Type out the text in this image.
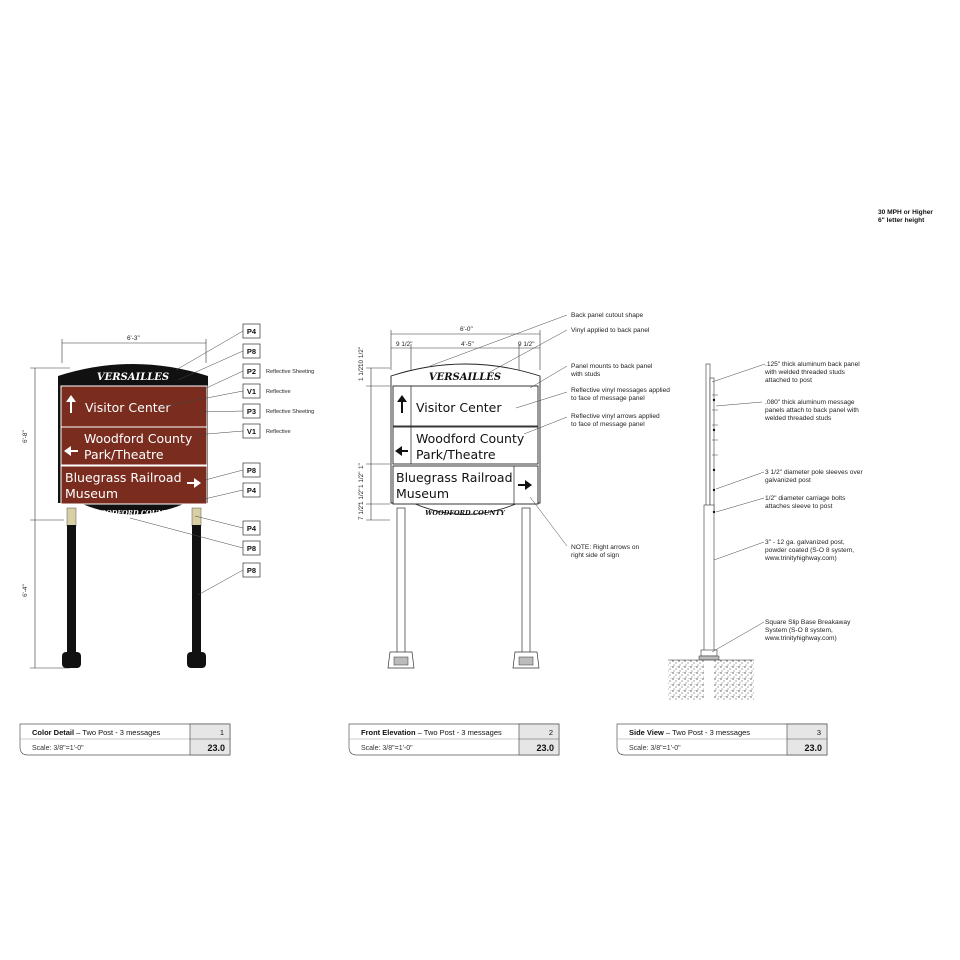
30 MPH or Higher
6" letter height
6'-3"
6'-8"
6'-4"
VERSAILLES
WOODFORD COUNTY
Visitor Center
Woodford County
Park/Theatre
Bluegrass Railroad
Museum
P4
P8
P2 Reflective Sheeting
V1 Reflective
P3 Reflective Sheeting
V1 Reflective
P8
P4
P4
P8
P8
6'-0"
9 1/2"	4'-5"	9 1/2"
1 1/2"
10 1/2"
1"
1 1/2"
1 1/2"
7 1/2"
VERSAILLES
WOODFORD COUNTY
Visitor Center
Woodford County
Park/Theatre
Bluegrass Railroad
Museum
Back panel cutout shape
Vinyl applied to back panel
Panel mounts to back panel with studs
Reflective vinyl messages applied to face of message panel
Reflective vinyl arrows applied to face of message panel
NOTE: Right arrows on right side of sign
.125" thick aluminum back panel with welded threaded studs attached to post
.080" thick aluminum message panels attach to back panel with welded threaded studs
3 1/2" diameter pole sleeves over galvanized post
1/2" diameter carriage bolts attaches sleeve to post
3" - 12 ga. galvanized post, powder coated (S-O 8 system, www.trinityhighway.com)
Square Slip Base Breakaway System (S-O 8 system, www.trinityhighway.com)
Color Detail – Two Post - 3 messages
Scale: 3/8"=1'-0"
1
23.0
Front Elevation – Two Post - 3 messages
Scale: 3/8"=1'-0"
2
23.0
Side View – Two Post - 3 messages
Scale: 3/8"=1'-0"
3
23.0
